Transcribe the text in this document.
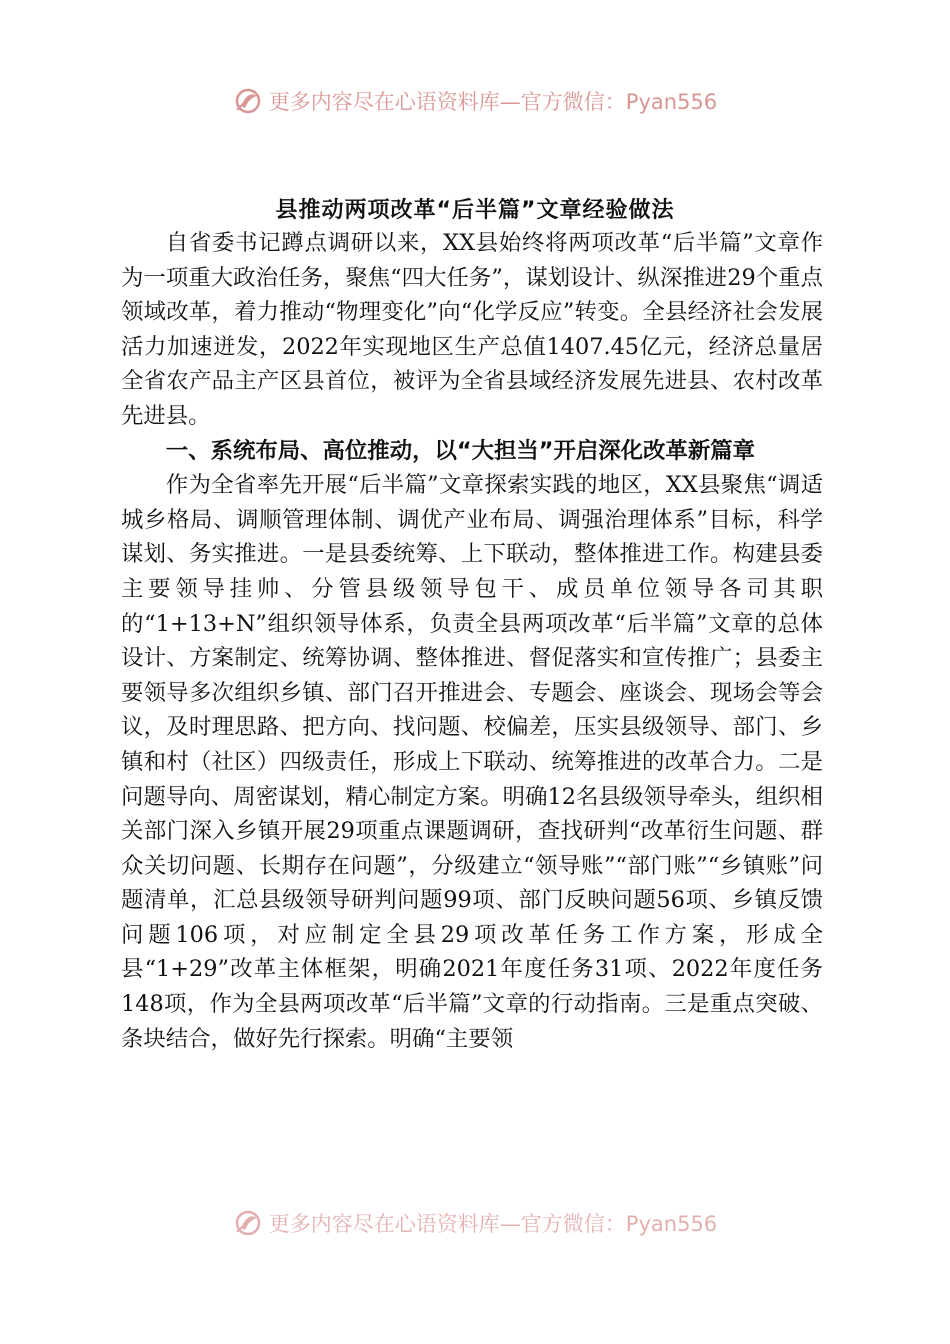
更多内容尽在心语资料库—官方微信：Pyan556
县推动两项改革“后半篇”文章经验做法

自省委书记蹲点调研以来，XX县始终将两项改革“后半篇”文章作为一项重大政治任务，聚焦“四大任务”，谋划设计、纵深推进29个重点领域改革，着力推动“物理变化”向“化学反应”转变。全县经济社会发展活力加速迸发，2022年实现地区生产总值1407.45亿元，经济总量居全省农产品主产区县首位，被评为全省县域经济发展先进县、农村改革先进县。

一、系统布局、高位推动，以“大担当”开启深化改革新篇章

作为全省率先开展“后半篇”文章探索实践的地区，XX县聚焦“调适城乡格局、调顺管理体制、调优产业布局、调强治理体系”目标，科学谋划、务实推进。一是县委统筹、上下联动，整体推进工作。构建县委主要领导挂帅、分管县级领导包干、成员单位领导各司其职的“1+13+N”组织领导体系，负责全县两项改革“后半篇”文章的总体设计、方案制定、统筹协调、整体推进、督促落实和宣传推广；县委主要领导多次组织乡镇、部门召开推进会、专题会、座谈会、现场会等会议，及时理思路、把方向、找问题、校偏差，压实县级领导、部门、乡镇和村（社区）四级责任，形成上下联动、统筹推进的改革合力。二是问题导向、周密谋划，精心制定方案。明确12名县级领导牵头，组织相关部门深入乡镇开展29项重点课题调研，查找研判“改革衍生问题、群众关切问题、长期存在问题”，分级建立“领导账”“部门账”“乡镇账”问题清单，汇总县级领导研判问题99项、部门反映问题56项、乡镇反馈问题106项，对应制定全县29项改革任务工作方案，形成全县“1+29”改革主体框架，明确2021年度任务31项、2022年度任务148项，作为全县两项改革“后半篇”文章的行动指南。三是重点突破、条块结合，做好先行探索。明确“主要领

更多内容尽在心语资料库—官方微信：Pyan556
